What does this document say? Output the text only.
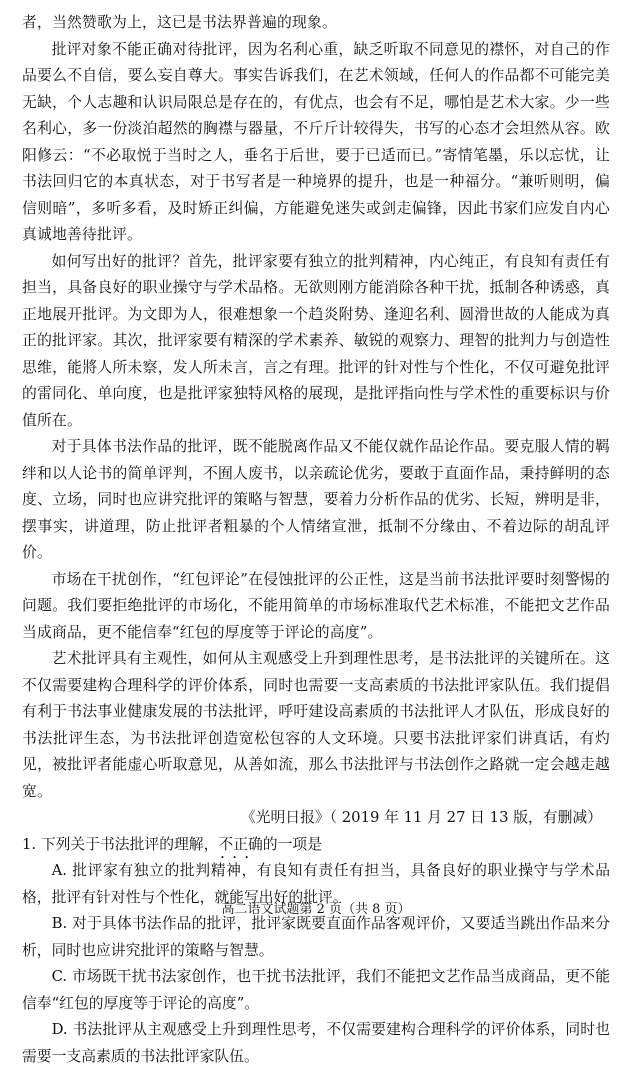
者，当然赞歌为上，这已是书法界普遍的现象。

批评对象不能正确对待批评，因为名利心重，缺乏听取不同意见的襟怀，对自己的作品要么不自信，要么妄自尊大。事实告诉我们，在艺术领域，任何人的作品都不可能完美无缺，个人志趣和认识局限总是存在的，有优点，也会有不足，哪怕是艺术大家。少一些名利心，多一份淡泊超然的胸襟与器量，不斤斤计较得失，书写的心态才会坦然从容。欧阳修云：“不必取悦于当时之人，垂名于后世，要于已适而已。”寄情笔墨，乐以忘忧，让书法回归它的本真状态，对于书写者是一种境界的提升，也是一种福分。“兼听则明，偏信则暗”，多听多看，及时矫正纠偏，方能避免迷失或剑走偏锋，因此书家们应发自内心真诚地善待批评。

如何写出好的批评？首先，批评家要有独立的批判精神，内心纯正，有良知有责任有担当，具备良好的职业操守与学术品格。无欲则刚方能消除各种干扰，抵制各种诱惑，真正地展开批评。为文即为人，很难想象一个趋炎附势、逢迎名利、圆滑世故的人能成为真正的批评家。其次，批评家要有精深的学术素养、敏锐的观察力、理智的批判力与创造性思维，能將人所未察，发人所未言，言之有理。批评的针对性与个性化，不仅可避免批评的雷同化、单向度，也是批评家独特风格的展现，是批评指向性与学术性的重要标识与价值所在。

对于具体书法作品的批评，既不能脱离作品又不能仅就作品论作品。要克服人情的羁绊和以人论书的简单评判，不囿人废书，以亲疏论优劣，要敢于直面作品，秉持鲜明的态度、立场，同时也应讲究批评的策略与智慧，要着力分析作品的优劣、长短，辨明是非，摆事实，讲道理，防止批评者粗暴的个人情绪宣泄，抵制不分缘由、不着边际的胡乱评价。

市场在干扰创作，“红包评论”在侵蚀批评的公正性，这是当前书法批评要时刻警惕的问题。我们要拒绝批评的市场化，不能用简单的市场标准取代艺术标准，不能把文艺作品当成商品，更不能信奉“红包的厚度等于评论的高度”。

艺术批评具有主观性，如何从主观感受上升到理性思考，是书法批评的关键所在。这不仅需要建构合理科学的评价体系，同时也需要一支高素质的书法批评家队伍。我们提倡有利于书法事业健康发展的书法批评，呼吁建设高素质的书法批评人才队伍，形成良好的书法批评生态，为书法批评创造宽松包容的人文环境。只要书法批评家们讲真话，有灼见，被批评者能虚心听取意见，从善如流，那么书法批评与书法创作之路就一定会越走越宽。

《光明日报》（ 2019 年 11 月 27 日 13 版，有删减）

1. 下列关于书法批评的理解，不正确 •••的一项是

A. 批评家有独立的批判精神，有良知有责任有担当，具备良好的职业操守与学术品格，批评有针对性与个性化，就能写出好的批评。

B. 对于具体书法作品的批评，批评家既要直面作品客观评价，又要适当跳出作品来分析，同时也应讲究批评的策略与智慧。

C. 市场既干扰书法家创作，也干扰书法批评，我们不能把文艺作品当成商品，更不能信奉“红包的厚度等于评论的高度”。

D. 书法批评从主观感受上升到理性思考，不仅需要建构合理科学的评价体系，同时也需要一支高素质的书法批评家队伍。

高二语文试题第 2 页（共 8 页）
